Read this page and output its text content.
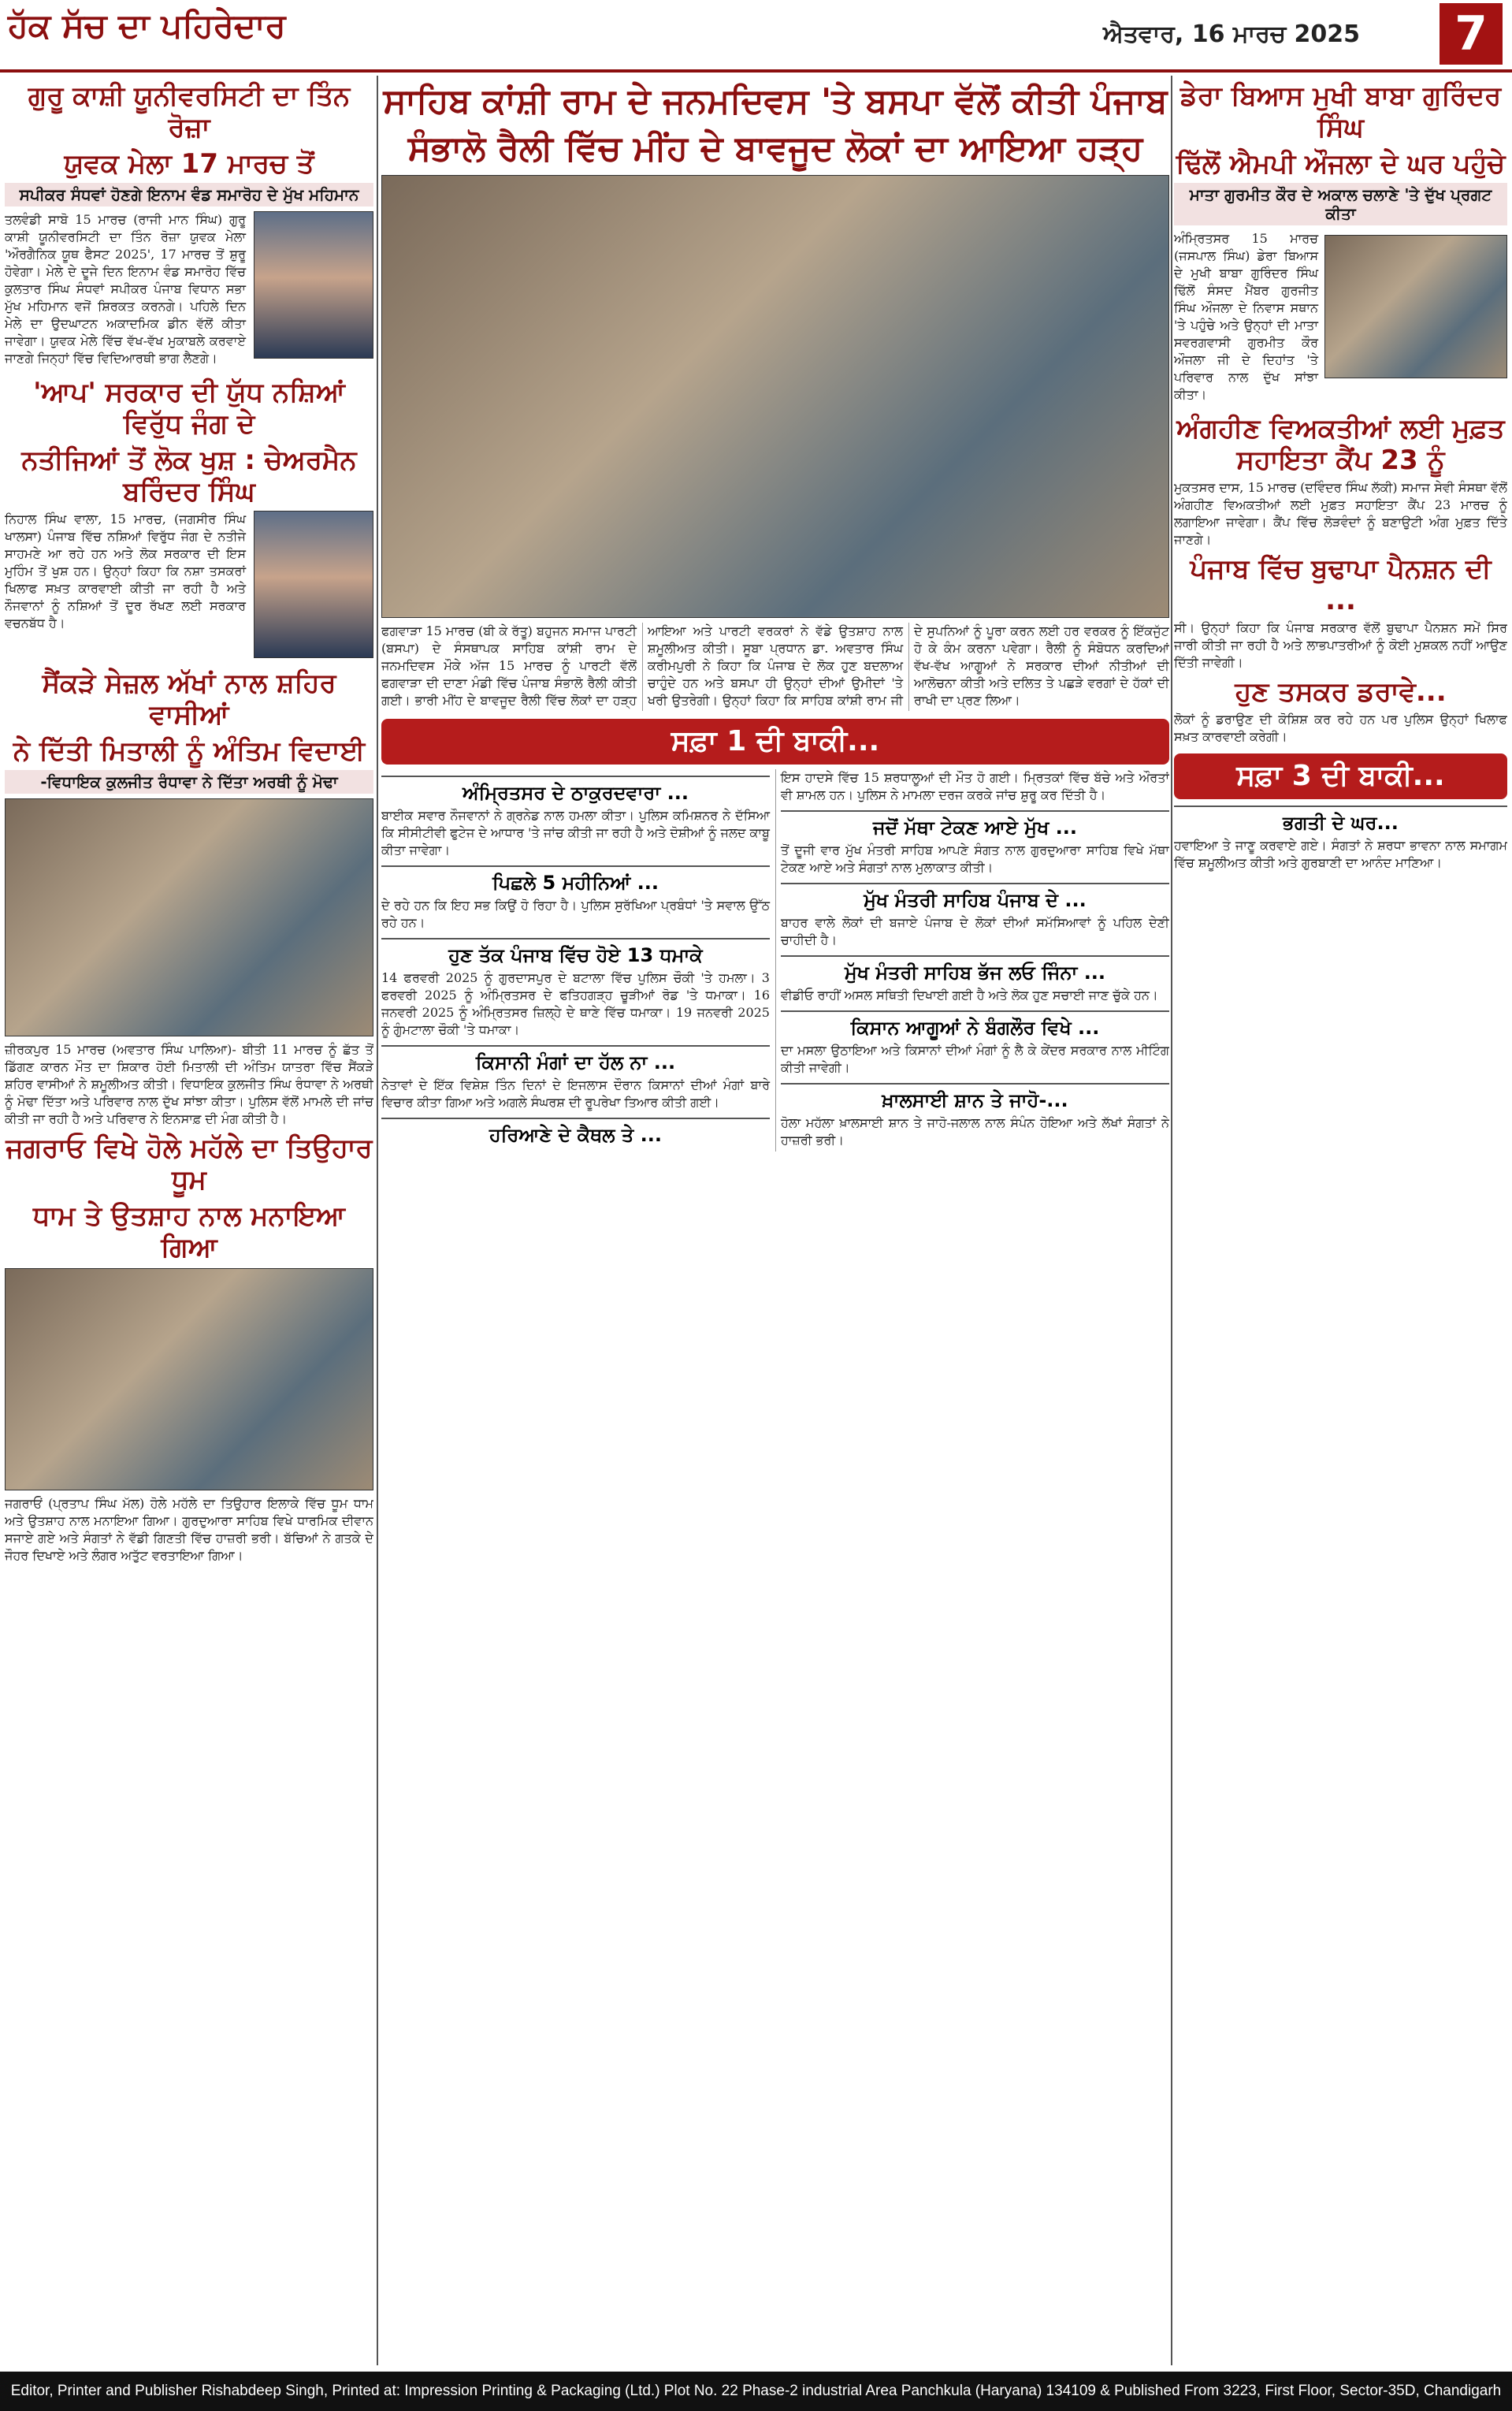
ਹੱਕ ਸੱਚ ਦਾ ਪਹਿਰੇਦਾਰ	ਐਤਵਾਰ, 16 ਮਾਰਚ 2025	7
ਗੁਰੂ ਕਾਸ਼ੀ ਯੂਨੀਵਰਸਿਟੀ ਦਾ ਤਿੰਨ ਰੋਜ਼ਾ
ਯੁਵਕ ਮੇਲਾ 17 ਮਾਰਚ ਤੋਂ
ਸਪੀਕਰ ਸੰਧਵਾਂ ਹੋਣਗੇ ਇਨਾਮ ਵੰਡ ਸਮਾਰੋਹ ਦੇ ਮੁੱਖ ਮਹਿਮਾਨ

ਤਲਵੰਡੀ ਸਾਬੋ 15 ਮਾਰਚ (ਰਾਜੀ ਮਾਨ ਸਿੰਘ) ਗੁਰੂ ਕਾਸ਼ੀ ਯੂਨੀਵਰਸਿਟੀ ਦਾ ਤਿੰਨ ਰੋਜ਼ਾ ਯੁਵਕ ਮੇਲਾ 'ਔਰਗੈਨਿਕ ਯੂਥ ਫੈਸਟ 2025', 17 ਮਾਰਚ ਤੋਂ ਸ਼ੁਰੂ ਹੋਵੇਗਾ। ਮੇਲੇ ਦੇ ਦੂਜੇ ਦਿਨ ਇਨਾਮ ਵੰਡ ਸਮਾਰੋਹ ਵਿੱਚ ਕੁਲਤਾਰ ਸਿੰਘ ਸੰਧਵਾਂ ਸਪੀਕਰ ਪੰਜਾਬ ਵਿਧਾਨ ਸਭਾ ਮੁੱਖ ਮਹਿਮਾਨ ਵਜੋਂ ਸ਼ਿਰਕਤ ਕਰਨਗੇ। ਪਹਿਲੇ ਦਿਨ ਮੇਲੇ ਦਾ ਉਦਘਾਟਨ ਅਕਾਦਮਿਕ ਡੀਨ ਵੱਲੋਂ ਕੀਤਾ ਜਾਵੇਗਾ। ਯੁਵਕ ਮੇਲੇ ਵਿੱਚ ਵੱਖ-ਵੱਖ ਮੁਕਾਬਲੇ ਕਰਵਾਏ ਜਾਣਗੇ ਜਿਨ੍ਹਾਂ ਵਿੱਚ ਵਿਦਿਆਰਥੀ ਭਾਗ ਲੈਣਗੇ।

'ਆਪ' ਸਰਕਾਰ ਦੀ ਯੁੱਧ ਨਸ਼ਿਆਂ ਵਿਰੁੱਧ ਜੰਗ ਦੇ
ਨਤੀਜਿਆਂ ਤੋਂ ਲੋਕ ਖੁਸ਼ : ਚੇਅਰਮੈਨ ਬਰਿੰਦਰ ਸਿੰਘ

ਨਿਹਾਲ ਸਿੰਘ ਵਾਲਾ, 15 ਮਾਰਚ, (ਜਗਸੀਰ ਸਿੰਘ ਖਾਲਸਾ) ਪੰਜਾਬ ਵਿੱਚ ਨਸ਼ਿਆਂ ਵਿਰੁੱਧ ਜੰਗ ਦੇ ਨਤੀਜੇ ਸਾਹਮਣੇ ਆ ਰਹੇ ਹਨ ਅਤੇ ਲੋਕ ਸਰਕਾਰ ਦੀ ਇਸ ਮੁਹਿੰਮ ਤੋਂ ਖੁਸ਼ ਹਨ। ਉਨ੍ਹਾਂ ਕਿਹਾ ਕਿ ਨਸ਼ਾ ਤਸਕਰਾਂ ਖਿਲਾਫ ਸਖ਼ਤ ਕਾਰਵਾਈ ਕੀਤੀ ਜਾ ਰਹੀ ਹੈ ਅਤੇ ਨੌਜਵਾਨਾਂ ਨੂੰ ਨਸ਼ਿਆਂ ਤੋਂ ਦੂਰ ਰੱਖਣ ਲਈ ਸਰਕਾਰ ਵਚਨਬੱਧ ਹੈ।

ਸੈਂਕੜੇ ਸੇਜ਼ਲ ਅੱਖਾਂ ਨਾਲ ਸ਼ਹਿਰ ਵਾਸੀਆਂ
ਨੇ ਦਿੱਤੀ ਮਿਤਾਲੀ ਨੂੰ ਅੰਤਿਮ ਵਿਦਾਈ
-ਵਿਧਾਇਕ ਕੁਲਜੀਤ ਰੰਧਾਵਾ ਨੇ ਦਿੱਤਾ ਅਰਥੀ ਨੂੰ ਮੋਢਾ

ਜ਼ੀਰਕਪੁਰ 15 ਮਾਰਚ (ਅਵਤਾਰ ਸਿੰਘ ਪਾਲਿਆ)- ਬੀਤੀ 11 ਮਾਰਚ ਨੂੰ ਛੱਤ ਤੋਂ ਡਿੱਗਣ ਕਾਰਨ ਮੌਤ ਦਾ ਸ਼ਿਕਾਰ ਹੋਈ ਮਿਤਾਲੀ ਦੀ ਅੰਤਿਮ ਯਾਤਰਾ ਵਿੱਚ ਸੈਂਕੜੇ ਸ਼ਹਿਰ ਵਾਸੀਆਂ ਨੇ ਸ਼ਮੂਲੀਅਤ ਕੀਤੀ। ਵਿਧਾਇਕ ਕੁਲਜੀਤ ਸਿੰਘ ਰੰਧਾਵਾ ਨੇ ਅਰਥੀ ਨੂੰ ਮੋਢਾ ਦਿੱਤਾ ਅਤੇ ਪਰਿਵਾਰ ਨਾਲ ਦੁੱਖ ਸਾਂਝਾ ਕੀਤਾ। ਪੁਲਿਸ ਵੱਲੋਂ ਮਾਮਲੇ ਦੀ ਜਾਂਚ ਕੀਤੀ ਜਾ ਰਹੀ ਹੈ ਅਤੇ ਪਰਿਵਾਰ ਨੇ ਇਨਸਾਫ਼ ਦੀ ਮੰਗ ਕੀਤੀ ਹੈ।

ਜਗਰਾਓ ਵਿਖੇ ਹੋਲੇ ਮਹੱਲੇ ਦਾ ਤਿਉਹਾਰ ਧੂਮ
ਧਾਮ ਤੇ ਉਤਸ਼ਾਹ ਨਾਲ ਮਨਾਇਆ ਗਿਆ

ਜਗਰਾਓਂ (ਪ੍ਰਤਾਪ ਸਿੰਘ ਮੱਲ) ਹੋਲੇ ਮਹੱਲੇ ਦਾ ਤਿਉਹਾਰ ਇਲਾਕੇ ਵਿੱਚ ਧੂਮ ਧਾਮ ਅਤੇ ਉਤਸ਼ਾਹ ਨਾਲ ਮਨਾਇਆ ਗਿਆ। ਗੁਰਦੁਆਰਾ ਸਾਹਿਬ ਵਿਖੇ ਧਾਰਮਿਕ ਦੀਵਾਨ ਸਜਾਏ ਗਏ ਅਤੇ ਸੰਗਤਾਂ ਨੇ ਵੱਡੀ ਗਿਣਤੀ ਵਿੱਚ ਹਾਜ਼ਰੀ ਭਰੀ। ਬੱਚਿਆਂ ਨੇ ਗਤਕੇ ਦੇ ਜੌਹਰ ਦਿਖਾਏ ਅਤੇ ਲੰਗਰ ਅਤੁੱਟ ਵਰਤਾਇਆ ਗਿਆ।

ਸਾਹਿਬ ਕਾਂਸ਼ੀ ਰਾਮ ਦੇ ਜਨਮਦਿਵਸ 'ਤੇ ਬਸਪਾ ਵੱਲੋਂ ਕੀਤੀ ਪੰਜਾਬ
ਸੰਭਾਲੋ ਰੈਲੀ ਵਿੱਚ ਮੀਂਹ ਦੇ ਬਾਵਜੂਦ ਲੋਕਾਂ ਦਾ ਆਇਆ ਹੜ੍ਹ

ਫਗਵਾੜਾ 15 ਮਾਰਚ (ਬੀ ਕੇ ਰੱਤੂ) ਬਹੁਜਨ ਸਮਾਜ ਪਾਰਟੀ (ਬਸਪਾ) ਦੇ ਸੰਸਥਾਪਕ ਸਾਹਿਬ ਕਾਂਸ਼ੀ ਰਾਮ ਦੇ ਜਨਮਦਿਵਸ ਮੌਕੇ ਅੱਜ 15 ਮਾਰਚ ਨੂੰ ਪਾਰਟੀ ਵੱਲੋਂ ਫਗਵਾੜਾ ਦੀ ਦਾਣਾ ਮੰਡੀ ਵਿੱਚ ਪੰਜਾਬ ਸੰਭਾਲੋ ਰੈਲੀ ਕੀਤੀ ਗਈ। ਭਾਰੀ ਮੀਂਹ ਦੇ ਬਾਵਜੂਦ ਰੈਲੀ ਵਿੱਚ ਲੋਕਾਂ ਦਾ ਹੜ੍ਹ ਆਇਆ ਅਤੇ ਪਾਰਟੀ ਵਰਕਰਾਂ ਨੇ ਵੱਡੇ ਉਤਸ਼ਾਹ ਨਾਲ ਸ਼ਮੂਲੀਅਤ ਕੀਤੀ। ਸੂਬਾ ਪ੍ਰਧਾਨ ਡਾ. ਅਵਤਾਰ ਸਿੰਘ ਕਰੀਮਪੁਰੀ ਨੇ ਕਿਹਾ ਕਿ ਪੰਜਾਬ ਦੇ ਲੋਕ ਹੁਣ ਬਦਲਾਅ ਚਾਹੁੰਦੇ ਹਨ ਅਤੇ ਬਸਪਾ ਹੀ ਉਨ੍ਹਾਂ ਦੀਆਂ ਉਮੀਦਾਂ 'ਤੇ ਖਰੀ ਉਤਰੇਗੀ। ਉਨ੍ਹਾਂ ਕਿਹਾ ਕਿ ਸਾਹਿਬ ਕਾਂਸ਼ੀ ਰਾਮ ਜੀ ਦੇ ਸੁਪਨਿਆਂ ਨੂੰ ਪੂਰਾ ਕਰਨ ਲਈ ਹਰ ਵਰਕਰ ਨੂੰ ਇੱਕਜੁੱਟ ਹੋ ਕੇ ਕੰਮ ਕਰਨਾ ਪਵੇਗਾ। ਰੈਲੀ ਨੂੰ ਸੰਬੋਧਨ ਕਰਦਿਆਂ ਵੱਖ-ਵੱਖ ਆਗੂਆਂ ਨੇ ਸਰਕਾਰ ਦੀਆਂ ਨੀਤੀਆਂ ਦੀ ਆਲੋਚਨਾ ਕੀਤੀ ਅਤੇ ਦਲਿਤ ਤੇ ਪਛੜੇ ਵਰਗਾਂ ਦੇ ਹੱਕਾਂ ਦੀ ਰਾਖੀ ਦਾ ਪ੍ਰਣ ਲਿਆ।

ਸਫ਼ਾ 1 ਦੀ ਬਾਕੀ...
ਅੰਮ੍ਰਿਤਸਰ ਦੇ ਠਾਕੁਰਦਵਾਰਾ ...

ਬਾਈਕ ਸਵਾਰ ਨੌਜਵਾਨਾਂ ਨੇ ਗ੍ਰਨੇਡ ਨਾਲ ਹਮਲਾ ਕੀਤਾ। ਪੁਲਿਸ ਕਮਿਸ਼ਨਰ ਨੇ ਦੱਸਿਆ ਕਿ ਸੀਸੀਟੀਵੀ ਫੁਟੇਜ ਦੇ ਆਧਾਰ 'ਤੇ ਜਾਂਚ ਕੀਤੀ ਜਾ ਰਹੀ ਹੈ ਅਤੇ ਦੋਸ਼ੀਆਂ ਨੂੰ ਜਲਦ ਕਾਬੂ ਕੀਤਾ ਜਾਵੇਗਾ।

ਪਿਛਲੇ 5 ਮਹੀਨਿਆਂ ...

ਦੇ ਰਹੇ ਹਨ ਕਿ ਇਹ ਸਭ ਕਿਉਂ ਹੋ ਰਿਹਾ ਹੈ। ਪੁਲਿਸ ਸੁਰੱਖਿਆ ਪ੍ਰਬੰਧਾਂ 'ਤੇ ਸਵਾਲ ਉੱਠ ਰਹੇ ਹਨ।

ਹੁਣ ਤੱਕ ਪੰਜਾਬ ਵਿੱਚ ਹੋਏ 13 ਧਮਾਕੇ

14 ਫਰਵਰੀ 2025 ਨੂੰ ਗੁਰਦਾਸਪੁਰ ਦੇ ਬਟਾਲਾ ਵਿੱਚ ਪੁਲਿਸ ਚੌਕੀ 'ਤੇ ਹਮਲਾ। 3 ਫਰਵਰੀ 2025 ਨੂੰ ਅੰਮ੍ਰਿਤਸਰ ਦੇ ਫਤਿਹਗੜ੍ਹ ਚੂੜੀਆਂ ਰੋਡ 'ਤੇ ਧਮਾਕਾ। 16 ਜਨਵਰੀ 2025 ਨੂੰ ਅੰਮ੍ਰਿਤਸਰ ਜ਼ਿਲ੍ਹੇ ਦੇ ਥਾਣੇ ਵਿੱਚ ਧਮਾਕਾ। 19 ਜਨਵਰੀ 2025 ਨੂੰ ਗੁੰਮਟਾਲਾ ਚੌਕੀ 'ਤੇ ਧਮਾਕਾ।

ਕਿਸਾਨੀ ਮੰਗਾਂ ਦਾ ਹੱਲ ਨਾ ...

ਨੇਤਾਵਾਂ ਦੇ ਇੱਕ ਵਿਸ਼ੇਸ਼ ਤਿੰਨ ਦਿਨਾਂ ਦੇ ਇਜਲਾਸ ਦੌਰਾਨ ਕਿਸਾਨਾਂ ਦੀਆਂ ਮੰਗਾਂ ਬਾਰੇ ਵਿਚਾਰ ਕੀਤਾ ਗਿਆ ਅਤੇ ਅਗਲੇ ਸੰਘਰਸ਼ ਦੀ ਰੂਪਰੇਖਾ ਤਿਆਰ ਕੀਤੀ ਗਈ।

ਹਰਿਆਣੇ ਦੇ ਕੈਥਲ ਤੇ ...

ਇਸ ਹਾਦਸੇ ਵਿੱਚ 15 ਸ਼ਰਧਾਲੂਆਂ ਦੀ ਮੌਤ ਹੋ ਗਈ। ਮ੍ਰਿਤਕਾਂ ਵਿੱਚ ਬੱਚੇ ਅਤੇ ਔਰਤਾਂ ਵੀ ਸ਼ਾਮਲ ਹਨ। ਪੁਲਿਸ ਨੇ ਮਾਮਲਾ ਦਰਜ ਕਰਕੇ ਜਾਂਚ ਸ਼ੁਰੂ ਕਰ ਦਿੱਤੀ ਹੈ।

ਜਦੋਂ ਮੱਥਾ ਟੇਕਣ ਆਏ ਮੁੱਖ ...

ਤੋਂ ਦੂਜੀ ਵਾਰ ਮੁੱਖ ਮੰਤਰੀ ਸਾਹਿਬ ਆਪਣੇ ਸੰਗਤ ਨਾਲ ਗੁਰਦੁਆਰਾ ਸਾਹਿਬ ਵਿਖੇ ਮੱਥਾ ਟੇਕਣ ਆਏ ਅਤੇ ਸੰਗਤਾਂ ਨਾਲ ਮੁਲਾਕਾਤ ਕੀਤੀ।

ਮੁੱਖ ਮੰਤਰੀ ਸਾਹਿਬ ਪੰਜਾਬ ਦੇ ...

ਬਾਹਰ ਵਾਲੇ ਲੋਕਾਂ ਦੀ ਬਜਾਏ ਪੰਜਾਬ ਦੇ ਲੋਕਾਂ ਦੀਆਂ ਸਮੱਸਿਆਵਾਂ ਨੂੰ ਪਹਿਲ ਦੇਣੀ ਚਾਹੀਦੀ ਹੈ।

ਮੁੱਖ ਮੰਤਰੀ ਸਾਹਿਬ ਭੱਜ ਲਓ ਜਿੰਨਾ ...

ਵੀਡੀਓ ਰਾਹੀਂ ਅਸਲ ਸਥਿਤੀ ਦਿਖਾਈ ਗਈ ਹੈ ਅਤੇ ਲੋਕ ਹੁਣ ਸਚਾਈ ਜਾਣ ਚੁੱਕੇ ਹਨ।

ਕਿਸਾਨ ਆਗੂਆਂ ਨੇ ਬੰਗਲੌਰ ਵਿਖੇ ...

ਦਾ ਮਸਲਾ ਉਠਾਇਆ ਅਤੇ ਕਿਸਾਨਾਂ ਦੀਆਂ ਮੰਗਾਂ ਨੂੰ ਲੈ ਕੇ ਕੇਂਦਰ ਸਰਕਾਰ ਨਾਲ ਮੀਟਿੰਗ ਕੀਤੀ ਜਾਵੇਗੀ।

ਖ਼ਾਲਸਾਈ ਸ਼ਾਨ ਤੇ ਜਾਹੋ-...

ਹੋਲਾ ਮਹੱਲਾ ਖ਼ਾਲਸਾਈ ਸ਼ਾਨ ਤੇ ਜਾਹੋ-ਜਲਾਲ ਨਾਲ ਸੰਪੰਨ ਹੋਇਆ ਅਤੇ ਲੱਖਾਂ ਸੰਗਤਾਂ ਨੇ ਹਾਜ਼ਰੀ ਭਰੀ।

ਡੇਰਾ ਬਿਆਸ ਮੁਖੀ ਬਾਬਾ ਗੁਰਿੰਦਰ ਸਿੰਘ
ਢਿੱਲੋਂ ਐਮਪੀ ਔਜਲਾ ਦੇ ਘਰ ਪਹੁੰਚੇ
ਮਾਤਾ ਗੁਰਮੀਤ ਕੌਰ ਦੇ ਅਕਾਲ ਚਲਾਣੇ 'ਤੇ ਦੁੱਖ ਪ੍ਰਗਟ ਕੀਤਾ

ਅੰਮ੍ਰਿਤਸਰ 15 ਮਾਰਚ (ਜਸਪਾਲ ਸਿੰਘ) ਡੇਰਾ ਬਿਆਸ ਦੇ ਮੁਖੀ ਬਾਬਾ ਗੁਰਿੰਦਰ ਸਿੰਘ ਢਿੱਲੋਂ ਸੰਸਦ ਮੈਂਬਰ ਗੁਰਜੀਤ ਸਿੰਘ ਔਜਲਾ ਦੇ ਨਿਵਾਸ ਸਥਾਨ 'ਤੇ ਪਹੁੰਚੇ ਅਤੇ ਉਨ੍ਹਾਂ ਦੀ ਮਾਤਾ ਸਵਰਗਵਾਸੀ ਗੁਰਮੀਤ ਕੌਰ ਔਜਲਾ ਜੀ ਦੇ ਦਿਹਾਂਤ 'ਤੇ ਪਰਿਵਾਰ ਨਾਲ ਦੁੱਖ ਸਾਂਝਾ ਕੀਤਾ।

ਅੰਗਹੀਣ ਵਿਅਕਤੀਆਂ ਲਈ ਮੁਫ਼ਤ ਸਹਾਇਤਾ ਕੈਂਪ 23 ਨੂੰ

ਮੁਕਤਸਰ ਦਾਸ, 15 ਮਾਰਚ (ਦਵਿੰਦਰ ਸਿੰਘ ਲੱਕੀ) ਸਮਾਜ ਸੇਵੀ ਸੰਸਥਾ ਵੱਲੋਂ ਅੰਗਹੀਣ ਵਿਅਕਤੀਆਂ ਲਈ ਮੁਫ਼ਤ ਸਹਾਇਤਾ ਕੈਂਪ 23 ਮਾਰਚ ਨੂੰ ਲਗਾਇਆ ਜਾਵੇਗਾ। ਕੈਂਪ ਵਿੱਚ ਲੋੜਵੰਦਾਂ ਨੂੰ ਬਣਾਉਟੀ ਅੰਗ ਮੁਫ਼ਤ ਦਿੱਤੇ ਜਾਣਗੇ।

ਪੰਜਾਬ ਵਿੱਚ ਬੁਢਾਪਾ ਪੈਨਸ਼ਨ ਦੀ ...

ਸੀ। ਉਨ੍ਹਾਂ ਕਿਹਾ ਕਿ ਪੰਜਾਬ ਸਰਕਾਰ ਵੱਲੋਂ ਬੁਢਾਪਾ ਪੈਨਸ਼ਨ ਸਮੇਂ ਸਿਰ ਜਾਰੀ ਕੀਤੀ ਜਾ ਰਹੀ ਹੈ ਅਤੇ ਲਾਭਪਾਤਰੀਆਂ ਨੂੰ ਕੋਈ ਮੁਸ਼ਕਲ ਨਹੀਂ ਆਉਣ ਦਿੱਤੀ ਜਾਵੇਗੀ।

ਹੁਣ ਤਸਕਰ ਡਰਾਵੇ...

ਲੋਕਾਂ ਨੂੰ ਡਰਾਉਣ ਦੀ ਕੋਸ਼ਿਸ਼ ਕਰ ਰਹੇ ਹਨ ਪਰ ਪੁਲਿਸ ਉਨ੍ਹਾਂ ਖਿਲਾਫ ਸਖ਼ਤ ਕਾਰਵਾਈ ਕਰੇਗੀ।

ਸਫ਼ਾ 3 ਦੀ ਬਾਕੀ...
ਭਗਤੀ ਦੇ ਘਰ...

ਹਵਾਇਆ ਤੇ ਜਾਣੂ ਕਰਵਾਏ ਗਏ। ਸੰਗਤਾਂ ਨੇ ਸ਼ਰਧਾ ਭਾਵਨਾ ਨਾਲ ਸਮਾਗਮ ਵਿੱਚ ਸ਼ਮੂਲੀਅਤ ਕੀਤੀ ਅਤੇ ਗੁਰਬਾਣੀ ਦਾ ਆਨੰਦ ਮਾਣਿਆ।

Editor, Printer and Publisher Rishabdeep Singh, Printed at: Impression Printing & Packaging (Ltd.) Plot No. 22 Phase-2 industrial Area Panchkula (Haryana) 134109 & Published From 3223, First Floor, Sector-35D, Chandigarh
